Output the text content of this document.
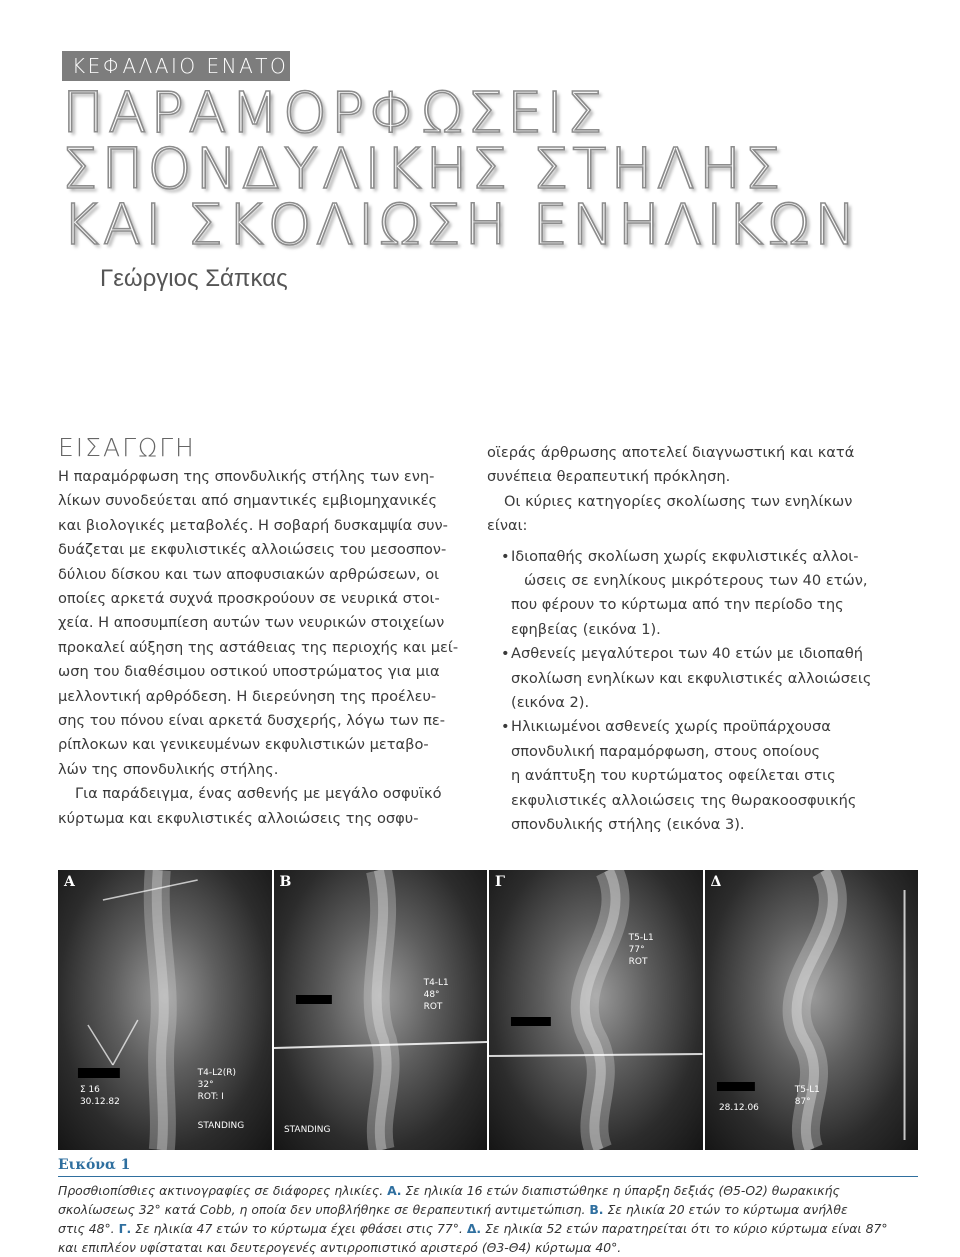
ΚΕΦΑΛΑΙΟ ΕΝΑΤΟ
ΠΑΡΑΜΟΡΦΩΣΕΙΣ
ΣΠΟΝΔΥΛΙΚΗΣ ΣΤΗΛΗΣ
ΚΑΙ ΣΚΟΛΙΩΣΗ ΕΝΗΛΙΚΩΝ
Γεώργιος Σάπκας
ΕΙΣΑΓΩΓΗ
Η παραμόρφωση της σπονδυλικής στήλης των ενη-
λίκων συνοδεύεται από σημαντικές εμβιομηχανικές
και βιολογικές μεταβολές. Η σοβαρή δυσκαμψία συν-
δυάζεται με εκφυλιστικές αλλοιώσεις του μεσοσπον-
δύλιου δίσκου και των αποφυσιακών αρθρώσεων, οι
οποίες αρκετά συχνά προσκρούουν σε νευρικά στοι-
χεία. Η αποσυμπίεση αυτών των νευρικών στοιχείων
προκαλεί αύξηση της αστάθειας της περιοχής και μεί-
ωση του διαθέσιμου οστικού υποστρώματος για μια
μελλοντική αρθρόδεση. Η διερεύνηση της προέλευ-
σης του πόνου είναι αρκετά δυσχερής, λόγω των πε-
ρίπλοκων και γενικευμένων εκφυλιστικών μεταβο-
λών της σπονδυλικής στήλης.
Για παράδειγμα, ένας ασθενής με μεγάλο οσφυϊκό
κύρτωμα και εκφυλιστικές αλλοιώσεις της οσφυ-
οϊεράς άρθρωσης αποτελεί διαγνωστική και κατά
συνέπεια θεραπευτική πρόκληση.
Οι κύριες κατηγορίες σκολίωσης των ενηλίκων
είναι:
• Ιδιοπαθής σκολίωση χωρίς εκφυλιστικές αλλοι-
ώσεις σε ενηλίκους μικρότερους των 40 ετών,
που φέρουν το κύρτωμα από την περίοδο της
εφηβείας (εικόνα 1).
• Ασθενείς μεγαλύτεροι των 40 ετών με ιδιοπαθή
σκολίωση ενηλίκων και εκφυλιστικές αλλοιώσεις
(εικόνα 2).
• Ηλικιωμένοι ασθενείς χωρίς προϋπάρχουσα
σπονδυλική παραμόρφωση, στους οποίους
η ανάπτυξη του κυρτώματος οφείλεται στις
εκφυλιστικές αλλοιώσεις της θωρακοοσφυικής
σπονδυλικής στήλης (εικόνα 3).
Τ4-L2(R)
32°
ROT: I
STANDING
Σ 16
30.12.82
Α
T4-L1
48°
ROT
STANDING
Β
T5-L1
77°
ROT
Γ
T5-L1
87°
28.12.06
Δ
Εικόνα 1
Προσθιοπίσθιες ακτινογραφίες σε διάφορες ηλικίες. Α. Σε ηλικία 16 ετών διαπιστώθηκε η ύπαρξη δεξιάς (Θ5-Ο2) θωρακικής
σκολίωσεως 32° κατά Cobb, η οποία δεν υποβλήθηκε σε θεραπευτική αντιμετώπιση. Β. Σε ηλικία 20 ετών το κύρτωμα ανήλθε
στις 48°. Γ. Σε ηλικία 47 ετών το κύρτωμα έχει φθάσει στις 77°. Δ. Σε ηλικία 52 ετών παρατηρείται ότι το κύριο κύρτωμα είναι 87°
και επιπλέον υφίσταται και δευτερογενές αντιρροπιστικό αριστερό (Θ3-Θ4) κύρτωμα 40°.
